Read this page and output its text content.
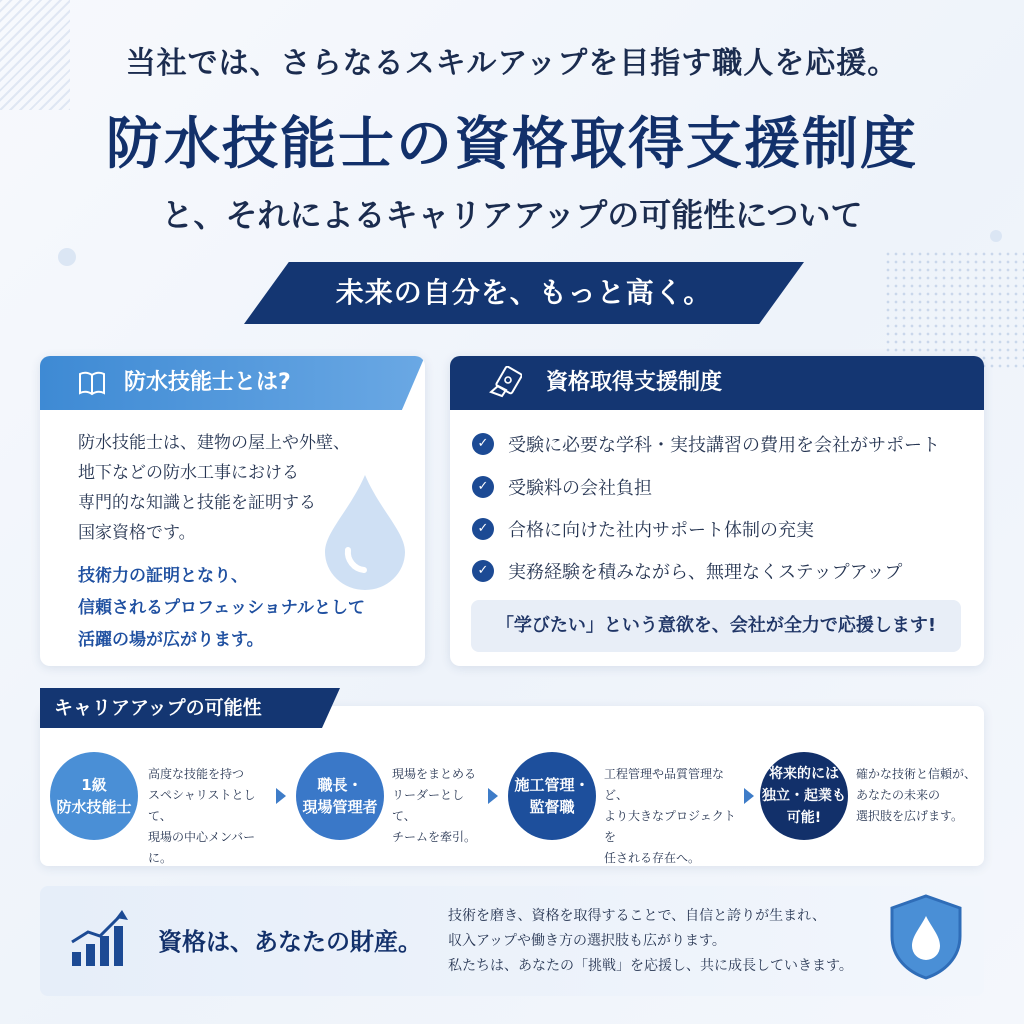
当社では、さらなるスキルアップを目指す職人を応援。
防水技能士の資格取得支援制度
と、それによるキャリアアップの可能性について
未来の自分を、もっと高く。
防水技能士とは?
防水技能士は、建物の屋上や外壁、
地下などの防水工事における
専門的な知識と技能を証明する
国家資格です。
技術力の証明となり、
信頼されるプロフェッショナルとして
活躍の場が広がります。
資格取得支援制度
✓	受験に必要な学科・実技講習の費用を会社がサポート
✓	受験料の会社負担
✓	合格に向けた社内サポート体制の充実
✓	実務経験を積みながら、無理なくステップアップ
「学びたい」という意欲を、会社が全力で応援します!
キャリアアップの可能性
1級
防水技能士
高度な技能を持つ
スペシャリストとして、
現場の中心メンバーに。
職長・
現場管理者
現場をまとめる
リーダーとして、
チームを牽引。
施工管理・
監督職
工程管理や品質管理など、
より大きなプロジェクトを
任される存在へ。
将来的には
独立・起業も
可能!
確かな技術と信頼が、
あなたの未来の
選択肢を広げます。
資格は、あなたの財産。
技術を磨き、資格を取得することで、自信と誇りが生まれ、
収入アップや働き方の選択肢も広がります。
私たちは、あなたの「挑戦」を応援し、共に成長していきます。
